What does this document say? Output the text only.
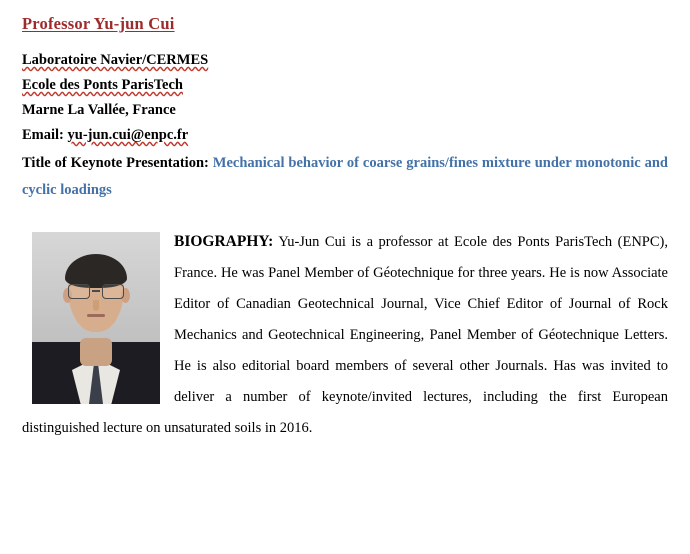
Professor Yu-jun Cui
Laboratoire Navier/CERMES
Ecole des Ponts ParisTech
Marne La Vallée, France
Email: yu-jun.cui@enpc.fr
Title of Keynote Presentation: Mechanical behavior of coarse grains/fines mixture under monotonic and cyclic loadings
BIOGRAPHY: Yu-Jun Cui is a professor at Ecole des Ponts ParisTech (ENPC), France. He was Panel Member of Géotechnique for three years. He is now Associate Editor of Canadian Geotechnical Journal, Vice Chief Editor of Journal of Rock Mechanics and Geotechnical Engineering, Panel Member of Géotechnique Letters. He is also editorial board members of several other Journals. Has was invited to deliver a number of keynote/invited lectures, including the first European distinguished lecture on unsaturated soils in 2016.
